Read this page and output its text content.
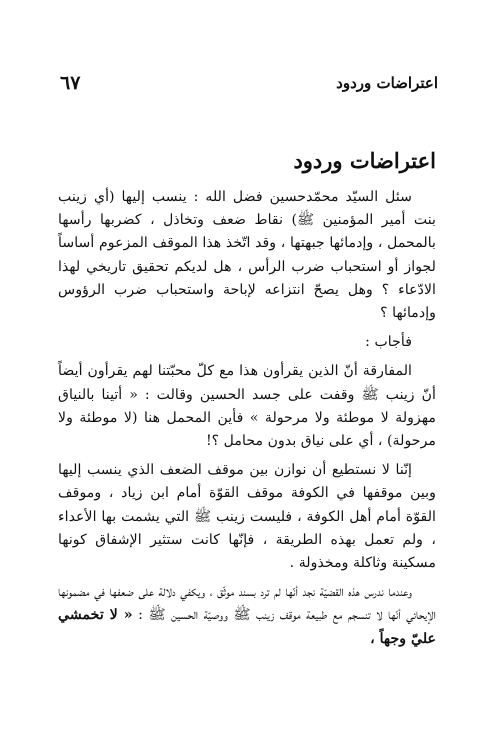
اعتراضات وردود
٦٧
اعتراضات وردود

سئل السيّد محمّدحسين فضل الله : ينسب إليها (أي زينب بنت أمير المؤمنين ﷺ) نقاط ضعف وتخاذل ، كضربها رأسها بالمحمل ، وإدمائها جبهتها ، وقد اتّخذ هذا الموقف المزعوم أساساً لجواز أو استحباب ضرب الرأس ، هل لديكم تحقيق تاريخي لهذا الادّعاء ؟ وهل يصحّ انتزاعه لإباحة واستحباب ضرب الرؤوس وإدمائها ؟

فأجاب :

المفارقة أنّ الذين يقرأون هذا مع كلّ محبّتنا لهم يقرأون أيضاً أنّ زينب ﷺ وقفت على جسد الحسين وقالت : « أتينا بالنياق مهزولة لا موطئة ولا مرحولة » فأين المحمل هنا (لا موطئة ولا مرحولة) ، أي على نياق بدون محامل ؟!

إنّنا لا نستطيع أن نوازن بين موقف الضعف الذي ينسب إليها وبين موقفها في الكوفة موقف القوّة أمام ابن زياد ، وموقف القوّة أمام أهل الكوفة ، فليست زينب ﷺ التي يشمت بها الأعداء ، ولم تعمل بهذه الطريقة ، فإنّها كانت ستثير الإشفاق كونها مسكينة وثاكلة ومخذولة .

وعندما ندرس هذه القضيّة نجد أنّها لم ترد بسند موثّق ، ويكفي دلالة على ضعفها في مضمونها الإيحائي أنّها لا تنسجم مع طبيعة موقف زينب ﷺ ووصيّة الحسين ﷺ : « لا تخمشي عليّ وجهاً ،
